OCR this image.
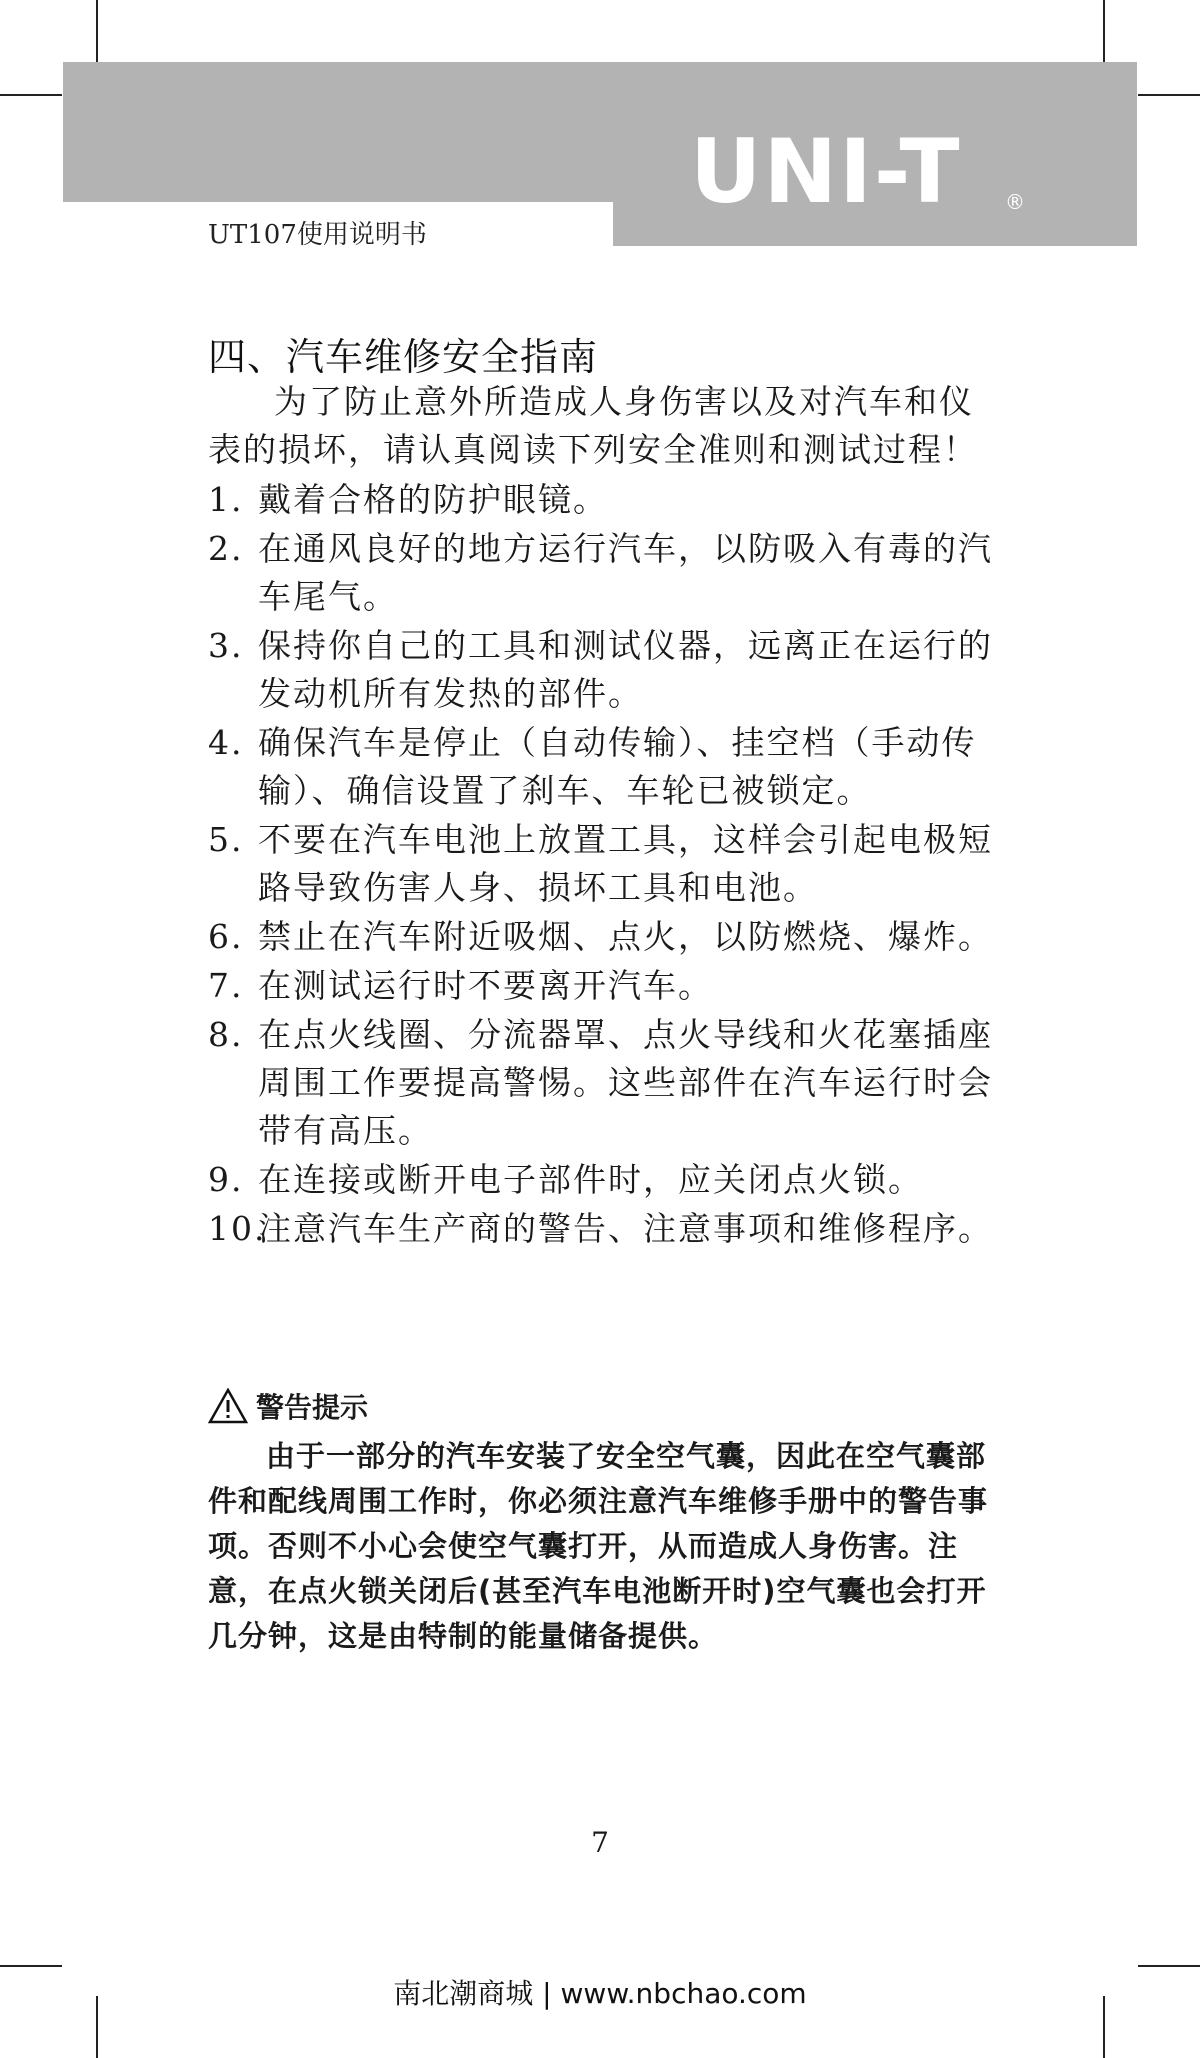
UNI-T ®
UT107使用说明书
四、汽车维修安全指南
为了防止意外所造成人身伤害以及对汽车和仪表的损坏，请认真阅读下列安全准则和测试过程！
1. 戴着合格的防护眼镜。
2. 在通风良好的地方运行汽车，以防吸入有毒的汽车尾气。
3. 保持你自己的工具和测试仪器，远离正在运行的发动机所有发热的部件。
4. 确保汽车是停止（自动传输）、挂空档（手动传输）、确信设置了刹车、车轮已被锁定。
5. 不要在汽车电池上放置工具，这样会引起电极短路导致伤害人身、损坏工具和电池。
6. 禁止在汽车附近吸烟、点火，以防燃烧、爆炸。
7. 在测试运行时不要离开汽车。
8. 在点火线圈、分流器罩、点火导线和火花塞插座周围工作要提高警惕。这些部件在汽车运行时会带有高压。
9. 在连接或断开电子部件时，应关闭点火锁。
10.
注意汽车生产商的警告、注意事项和维修程序。
警告提示
由于一部分的汽车安装了安全空气囊，因此在空气囊部件和配线周围工作时，你必须注意汽车维修手册中的警告事项。否则不小心会使空气囊打开，从而造成人身伤害。注意，在点火锁关闭后(甚至汽车电池断开时)空气囊也会打开几分钟，这是由特制的能量储备提供。
7
南北潮商城 | www.nbchao.com
